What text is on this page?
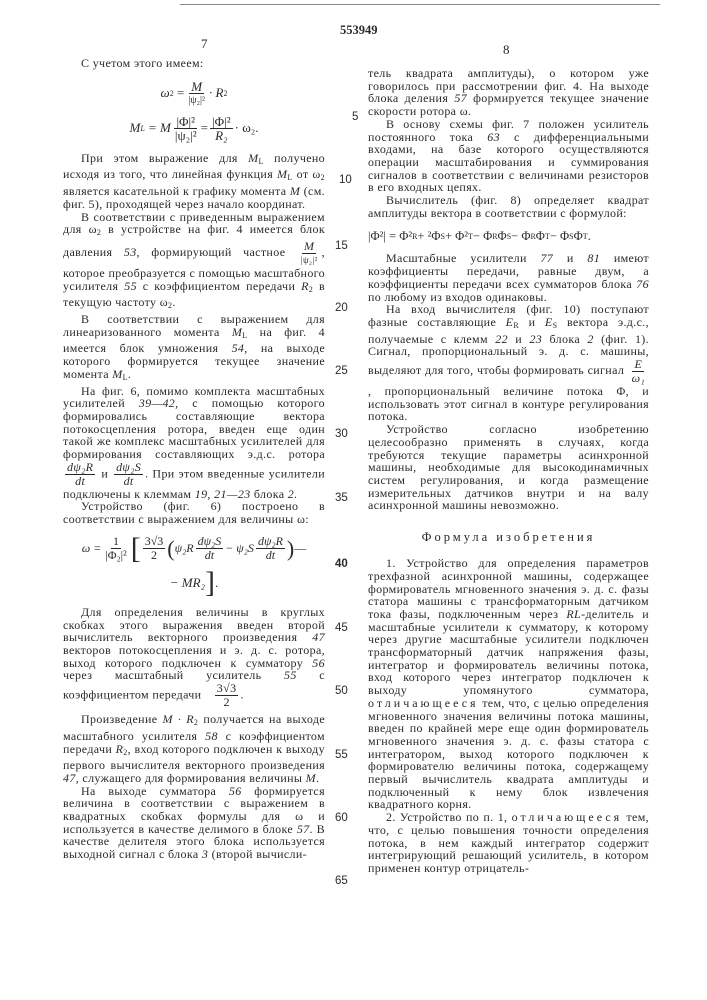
553949
7	8
5
10
15
20
25
30
35
40
45
50
55
60
65
С учетом этого имеем:
ω 2
= M
|ψ₂|² · R 2
M L
= M |Φ|²
|ψ₂|² = |Φ|²
R₂ · ω₂.
При этом выражение для ML получено исходя из того, что линейная функция ML от ω2 является касательной к графику момента M (см. фиг. 5), проходящей через начало координат.
В соответствии с приведенным выражением для ω2 в устройстве на фиг. 4 имеется блок давления 53, формирующий частное M
|ψ₂|²
, которое преобразуется с помощью масштабного усилителя 55 с коэффициентом передачи R2 в текущую частоту ω2.
В соответствии с выражением для линеаризованного момента ML на фиг. 4 имеется блок умножения 54, на выходе которого формируется текущее значение момента ML.
На фиг. 6, помимо комплекта масштабных усилителей 39—42, с помощью которого формировались составляющие вектора потокосцепления ротора, введен еще один такой же комплекс масштабных усилителей для формирования составляющих э.д.с. ротора
dψ₂R
dt
и dψ₂S
dt
. При этом введенные усилители подключены к клеммам 19, 21—23 блока 2.
Устройство (фиг. 6) построено в соответствии с выражением для величины ω:
ω = 1
|Φ₂|² [ 3√3
2 ( ψ₂R dψ₂S
dt − ψ₂S dψ₂R
dt ) —
− MR₂ ] .
Для определения величины в круглых скобках этого выражения введен второй вычислитель векторного произведения 47 векторов потокосцепления и э. д. с. ротора, выход которого подключен к сумматору 56 через масштабный усилитель 55 с коэффициентом передачи 3√3
2
.
Произведение M · R2 получается на выходе масштабного усилителя 58 с коэффициентом передачи R2, вход которого подключен к выходу первого вычислителя векторного произведения 47, служащего для формирования величины M.
На выходе сумматора 56 формируется величина в соответствии с выражением в квадратных скобках формулы для ω и используется в качестве делимого в блоке 57. В качестве делителя этого блока используется выходной сигнал с блока 3 (второй вычисли-
тель квадрата амплитуды), о котором уже говорилось при рассмотрении фиг. 4. На выходе блока деления 57 формируется текущее значение скорости ротора ω.
В основу схемы фиг. 7 положен усилитель постоянного тока 63 с дифференциальными входами, на базе которого осуществляются операции масштабирования и суммирования сигналов в соответствии с величинами резисторов в его входных цепях.
Вычислитель (фиг. 8) определяет квадрат амплитуды вектора в соответствии с формулой:
|Φ²| = Φ² R + ²Φ S + Φ² T − Φ R Φ S − Φ R Φ T − Φ S Φ T .
Масштабные усилители 77 и 81 имеют коэффициенты передачи, равные двум, а коэффициенты передачи всех сумматоров блока 76 по любому из входов одинаковы.
На вход вычислителя (фиг. 10) поступают фазные составляющие ER и ES вектора э.д.с., получаемые с клемм 22 и 23 блока 2 (фиг. 1). Сигнал, пропорциональный э. д. с. машины, выделяют для того, чтобы формировать сигнал E
ω₁
, пропорциональный величине потока Φ, и использовать этот сигнал в контуре регулирования потока.
Устройство согласно изобретению целесообразно применять в случаях, когда требуются текущие параметры асинхронной машины, необходимые для высокодинамичных систем регулирования, и когда размещение измерительных датчиков внутри и на валу асинхронной машины невозможно.
Формула изобретения
1. Устройство для определения параметров трехфазной асинхронной машины, содержащее формирователь мгновенного значения э. д. с. фазы статора машины с трансформаторным датчиком тока фазы, подключенным через RL-делитель и масштабные усилители к сумматору, к которому через другие масштабные усилители подключен трансформаторный датчик напряжения фазы, интегратор и формирователь величины потока, вход которого через интегратор подключен к выходу упомянутого сумматора, отличающееся тем, что, с целью определения мгновенного значения величины потока машины, введен по крайней мере еще один формирователь мгновенного значения э. д. с. фазы статора с интегратором, выход которого подключен к формирователю величины потока, содержащему первый вычислитель квадрата амплитуды и подключенный к нему блок извлечения квадратного корня.
2. Устройство по п. 1, отличающееся тем, что, с целью повышения точности определения потока, в нем каждый интегратор содержит интегрирующий решающий усилитель, в котором применен контур отрицатель-
